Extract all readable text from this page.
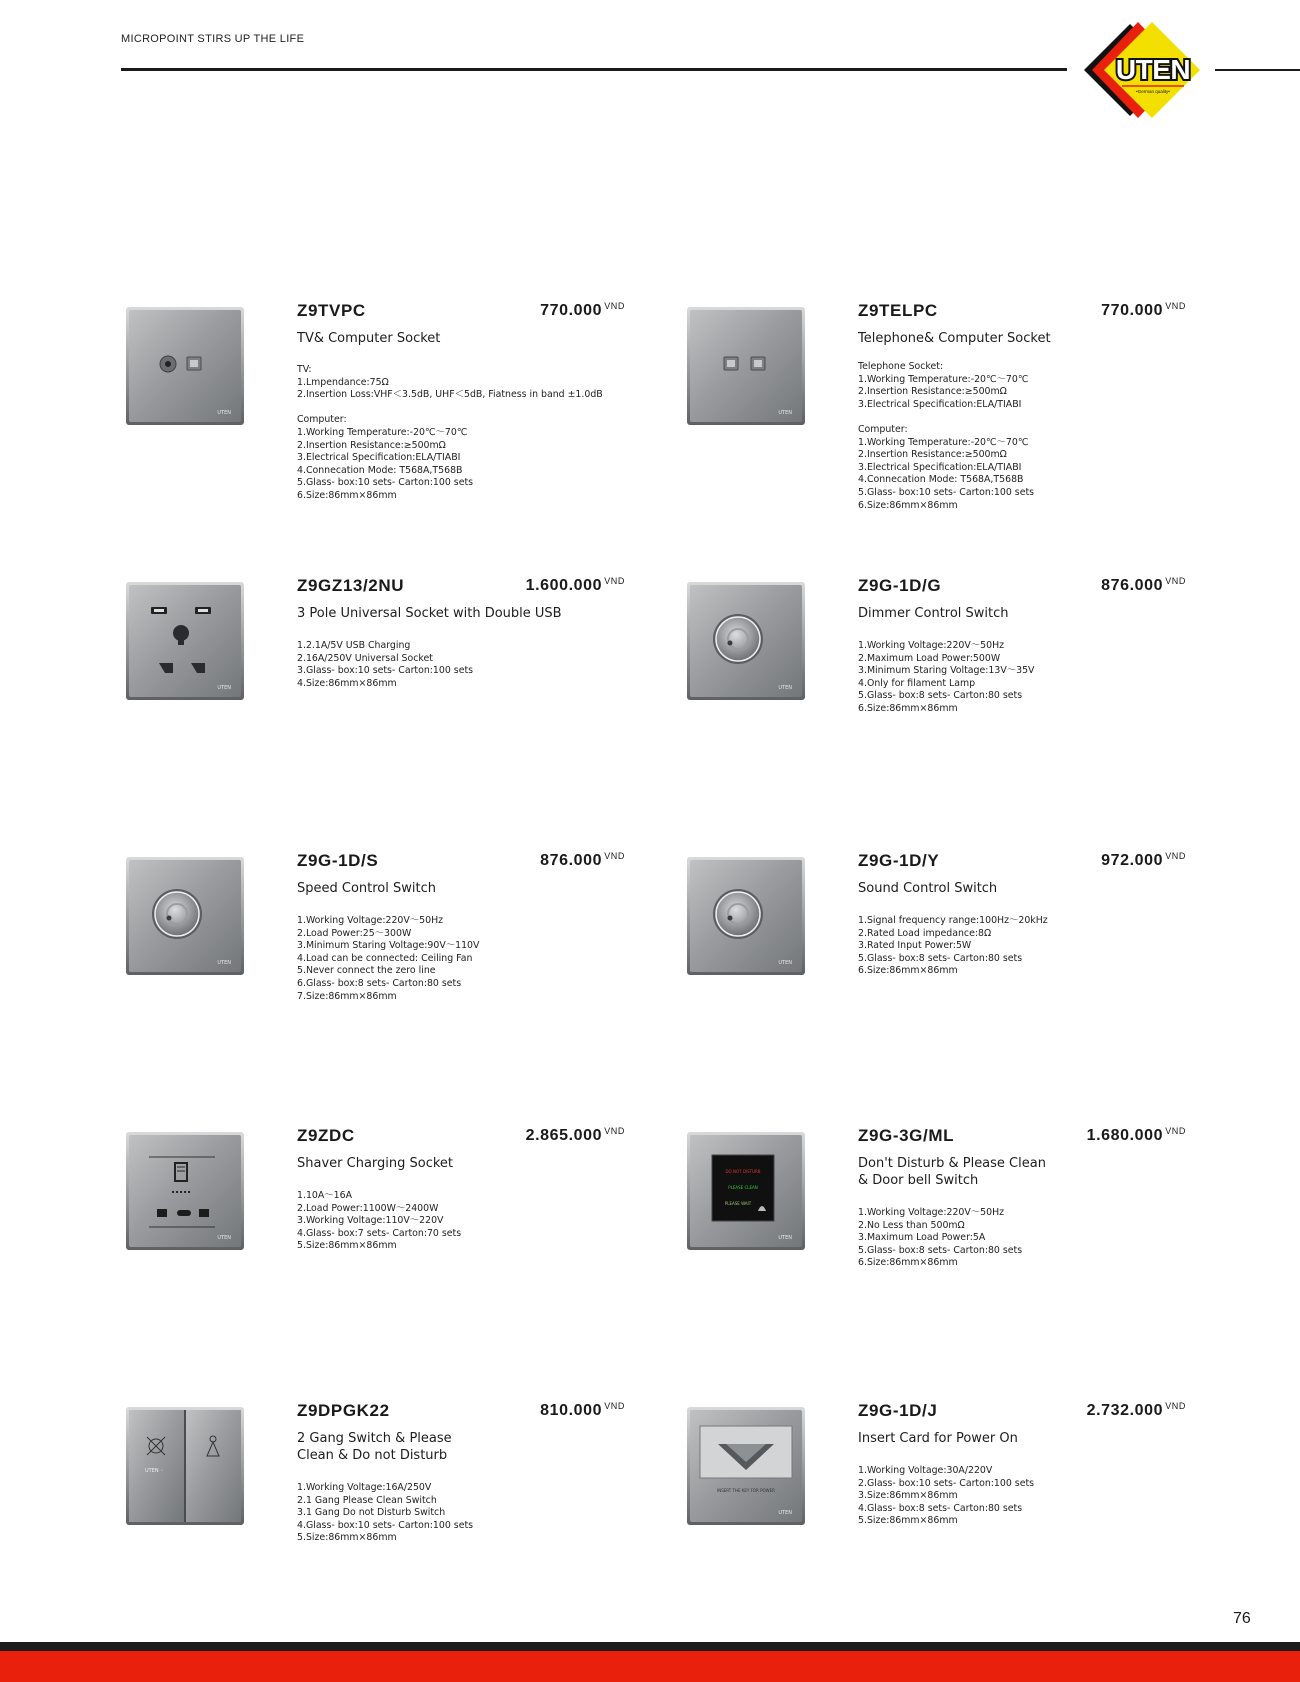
MICROPOINT STIRS UP THE LIFE
UTEN
•German quality•
UTEN
Z9TVPC	770.000 $^{VND}$
TV& Computer Socket
TV:
1.Lmpendance:75Ω
2.Insertion Loss:VHF＜3.5dB, UHF＜5dB, Fiatness in band ±1.0dB

Computer:
1.Working Temperature:-20℃～70℃
2.Insertion Resistance:≥500mΩ
3.Electrical Specification:ELA/TIABI
4.Connecation Mode: T568A,T568B
5.Glass- box:10 sets- Carton:100 sets
6.Size:86mm×86mm
UTEN
Z9TELPC	770.000 $^{VND}$
Telephone& Computer Socket
Telephone Socket:
1.Working Temperature:-20℃～70℃
2.Insertion Resistance:≥500mΩ
3.Electrical Specification:ELA/TIABI

Computer:
1.Working Temperature:-20℃～70℃
2.Insertion Resistance:≥500mΩ
3.Electrical Specification:ELA/TIABI
4.Connecation Mode: T568A,T568B
5.Glass- box:10 sets- Carton:100 sets
6.Size:86mm×86mm
UTEN
Z9GZ13/2NU	1.600.000 $^{VND}$
3 Pole Universal Socket with Double USB
1.2.1A/5V USB Charging
2.16A/250V Universal Socket
3.Glass- box:10 sets- Carton:100 sets
4.Size:86mm×86mm	UTEN
Z9G-1D/G	876.000 $^{VND}$
Dimmer Control Switch
1.Working Voltage:220V～50Hz
2.Maximum Load Power:500W
3.Minimum Staring Voltage:13V～35V
4.Only for filament Lamp
5.Glass- box:8 sets- Carton:80 sets
6.Size:86mm×86mm
UTEN
Z9G-1D/S	876.000 $^{VND}$
Speed Control Switch
1.Working Voltage:220V～50Hz
2.Load Power:25～300W
3.Minimum Staring Voltage:90V～110V
4.Load can be connected: Ceiling Fan
5.Never connect the zero line
6.Glass- box:8 sets- Carton:80 sets
7.Size:86mm×86mm
UTEN
Z9G-1D/Y	972.000 $^{VND}$
Sound Control Switch
1.Signal frequency range:100Hz～20kHz
2.Rated Load impedance:8Ω
3.Rated Input Power:5W
5.Glass- box:8 sets- Carton:80 sets
6.Size:86mm×86mm
UTEN
▪ ▪ ▪ ▪ ▪
Z9ZDC	2.865.000 $^{VND}$
Shaver Charging Socket
1.10A～16A
2.Load Power:1100W～2400W
3.Working Voltage:110V～220V
4.Glass- box:7 sets- Carton:70 sets
5.Size:86mm×86mm
UTEN
DO NOT DISTURB
PLEASE CLEAN
PLEASE WAIT
Z9G-3G/ML	1.680.000 $^{VND}$
Don't Disturb & Please Clean
& Door bell Switch
1.Working Voltage:220V～50Hz
2.No Less than 500mΩ
3.Maximum Load Power:5A
5.Glass- box:8 sets- Carton:80 sets
6.Size:86mm×86mm
UTEN ◦
Z9DPGK22	810.000 $^{VND}$
2 Gang Switch & Please
Clean & Do not Disturb
1.Working Voltage:16A/250V
2.1 Gang Please Clean Switch
3.1 Gang Do not Disturb Switch
4.Glass- box:10 sets- Carton:100 sets
5.Size:86mm×86mm
UTEN
INSERT THE KEY FOR POWER
Z9G-1D/J	2.732.000 $^{VND}$
Insert Card for Power On
1.Working Voltage:30A/220V
2.Glass- box:10 sets- Carton:100 sets
3.Size:86mm×86mm
4.Glass- box:8 sets- Carton:80 sets
5.Size:86mm×86mm
76
